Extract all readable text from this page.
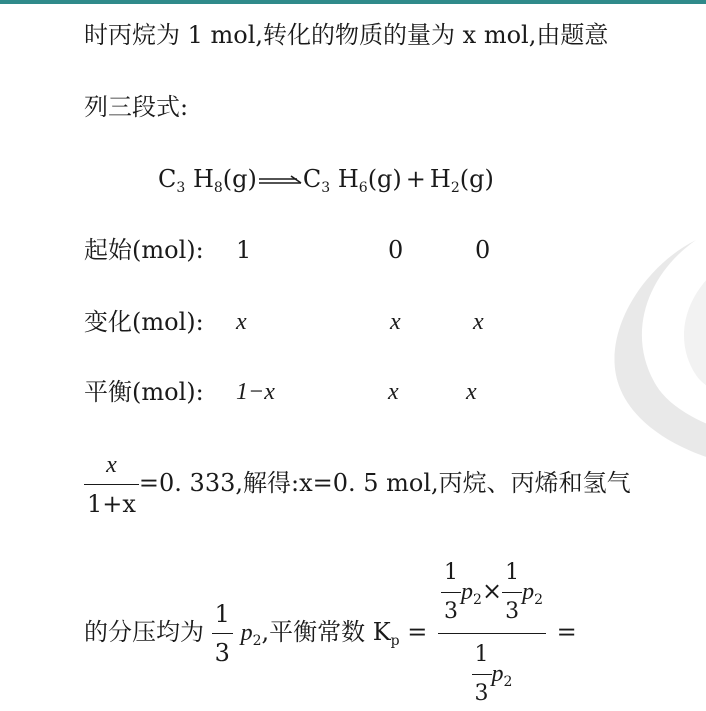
时丙烷为 1 mol,转化的物质的量为 x mol,由题意
列三段式:
$C_3$ $H_8(g)$ $C_3$ $H_6(g) + H_2(g)$
起始(mol): 1	0	0
变化(mol): x	x	x
平衡(mol): 1−x	x	x
$\frac{x}{1+x} =0$. 333,解得:x=0. 5 mol,丙烷、丙烯和氢气
的分压均为 $\frac{1}{3} p_2$,平衡常数 $K_p = \frac{\frac{1}{3} p_2\times \frac{1}{3} p_2}{\frac{1}{3} p_2}$ =
